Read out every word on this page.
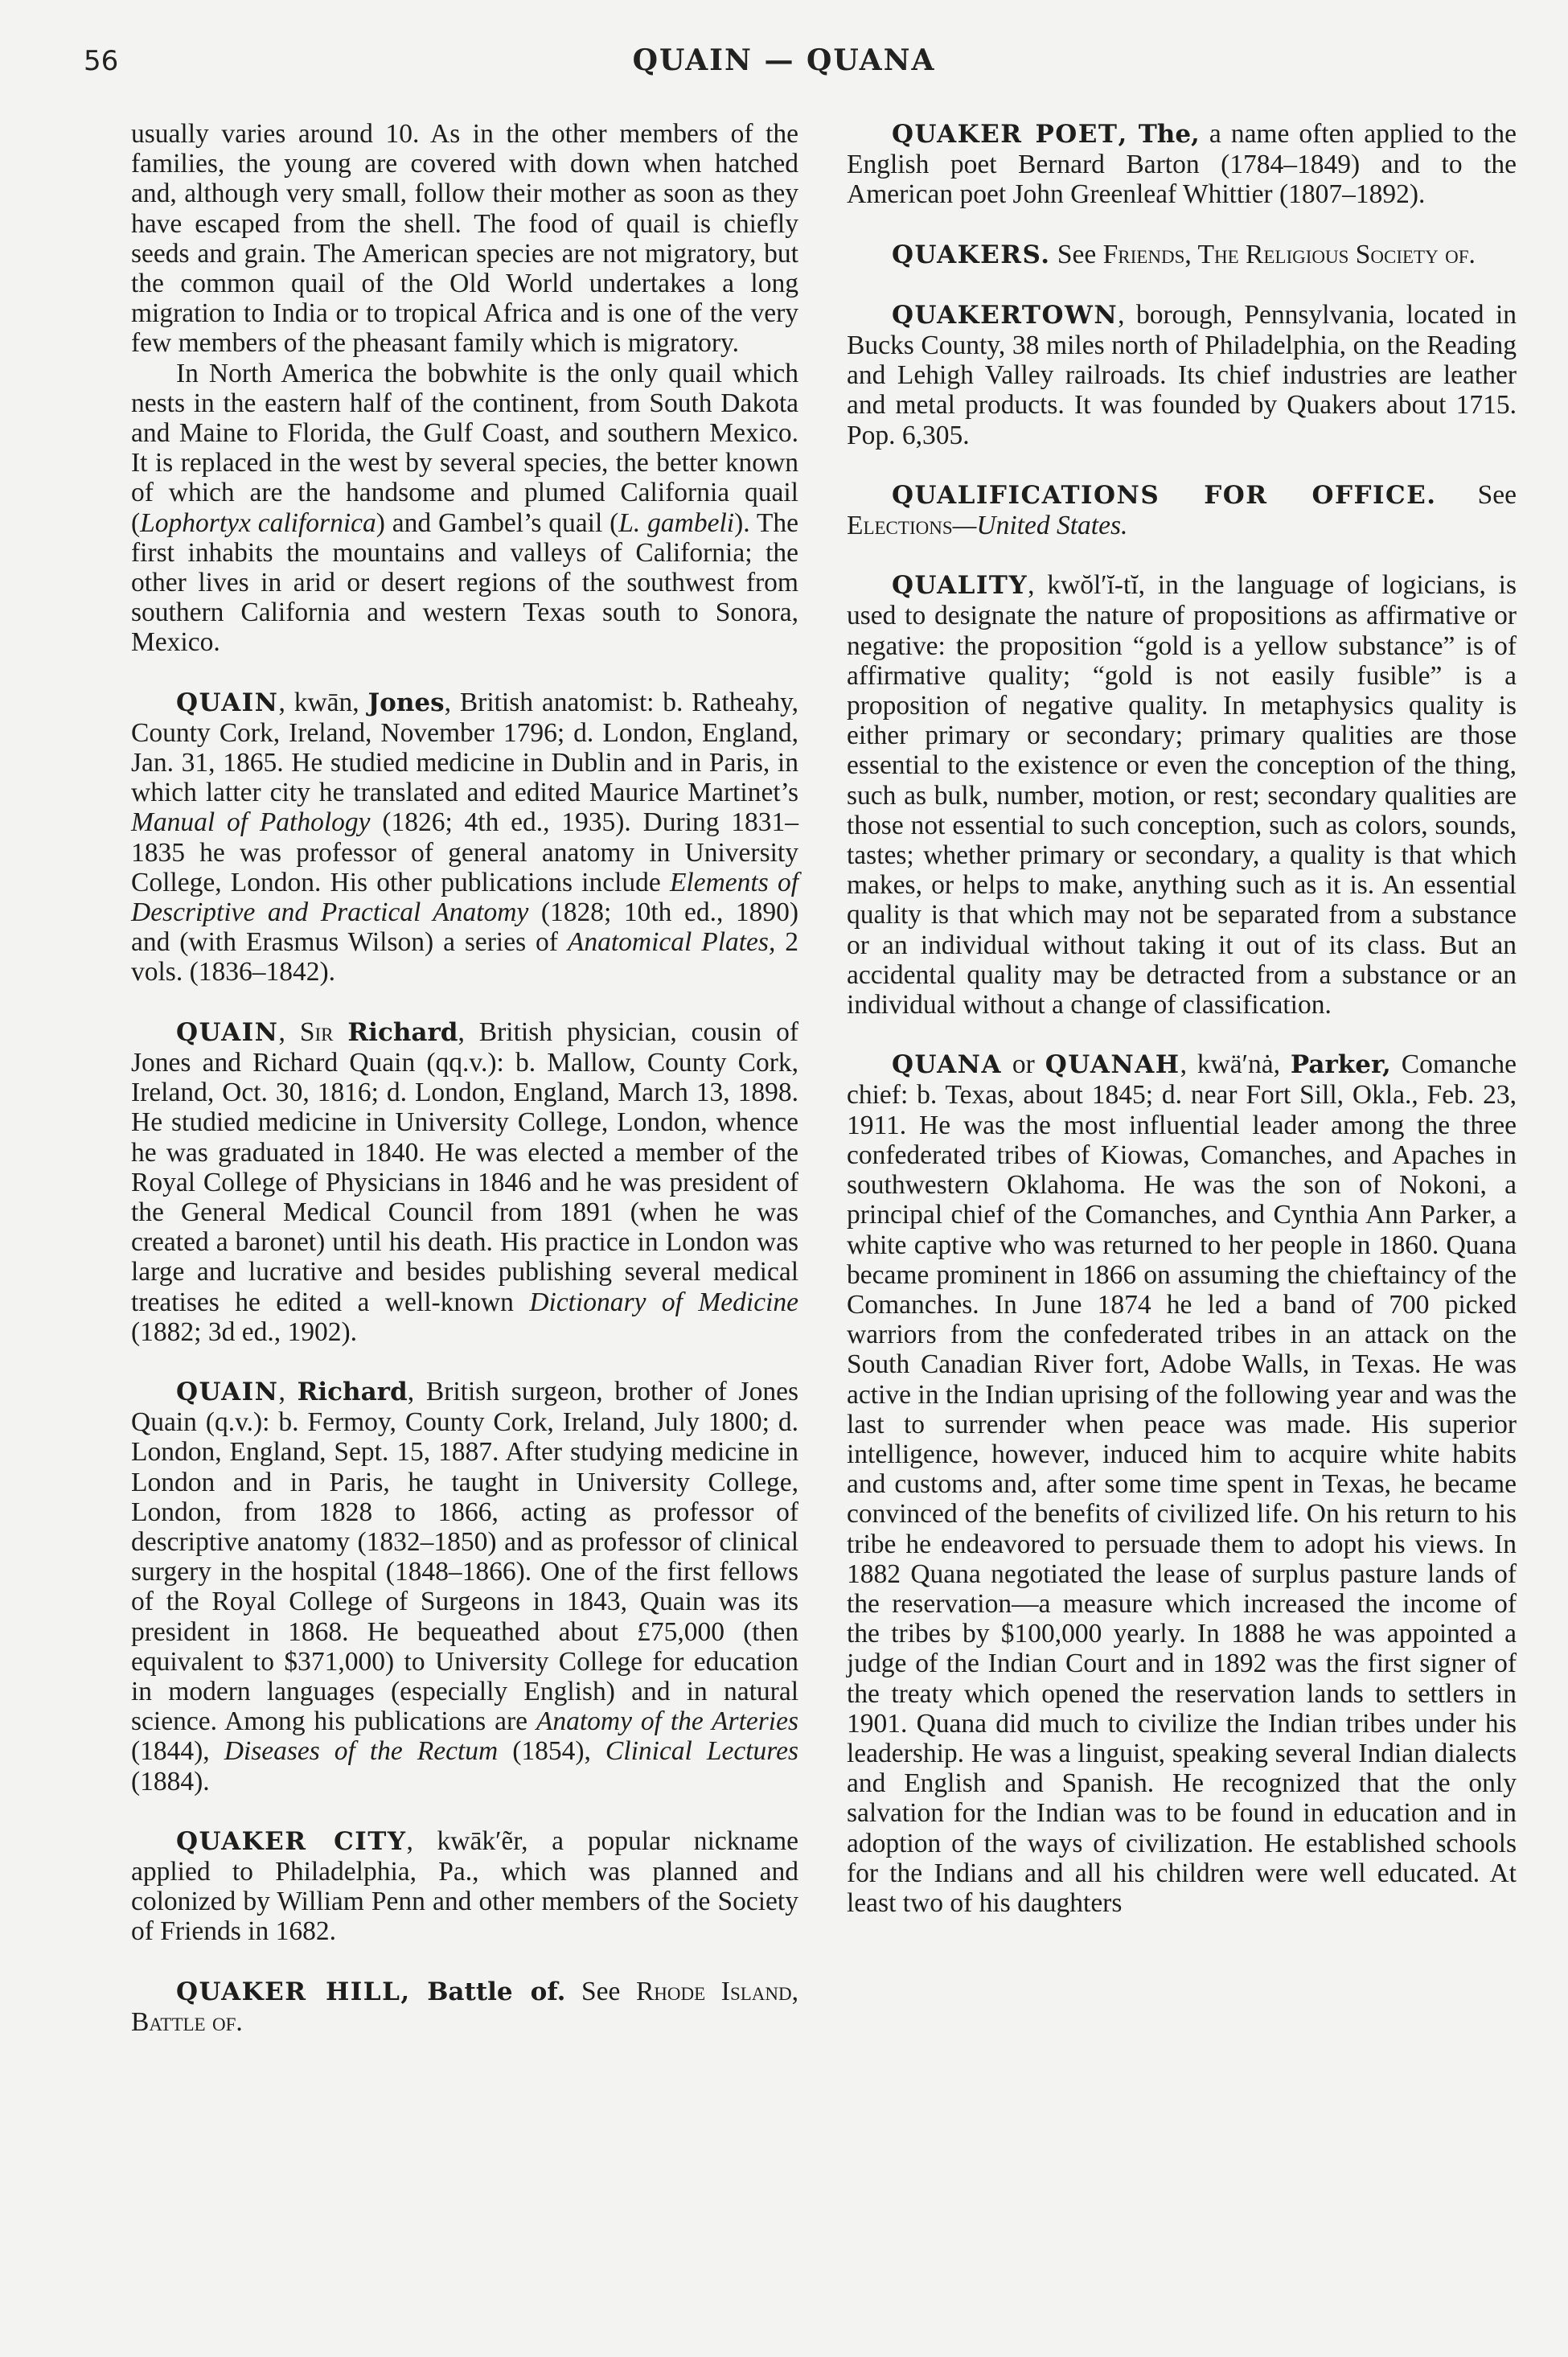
56	QUAIN — QUANA

usually varies around 10. As in the other members of the families, the young are covered with down when hatched and, although very small, follow their mother as soon as they have escaped from the shell. The food of quail is chiefly seeds and grain. The American species are not migratory, but the common quail of the Old World undertakes a long migration to India or to tropical Africa and is one of the very few members of the pheasant family which is migratory.

In North America the bobwhite is the only quail which nests in the eastern half of the continent, from South Dakota and Maine to Florida, the Gulf Coast, and southern Mexico. It is replaced in the west by several species, the better known of which are the handsome and plumed California quail (Lophortyx californica) and Gambel’s quail (L. gambeli). The first inhabits the mountains and valleys of California; the other lives in arid or desert regions of the southwest from southern California and western Texas south to Sonora, Mexico.

QUAIN, kwān, Jones, British anatomist: b. Ratheahy, County Cork, Ireland, November 1796; d. London, England, Jan. 31, 1865. He studied medicine in Dublin and in Paris, in which latter city he translated and edited Maurice Martinet’s Manual of Pathology (1826; 4th ed., 1935). During 1831–1835 he was professor of general anatomy in University College, London. His other publications include Elements of Descriptive and Practical Anatomy (1828; 10th ed., 1890) and (with Erasmus Wilson) a series of Anatomical Plates, 2 vols. (1836–1842).

QUAIN, Sir Richard, British physician, cousin of Jones and Richard Quain (qq.v.): b. Mallow, County Cork, Ireland, Oct. 30, 1816; d. London, England, March 13, 1898. He studied medicine in University College, London, whence he was graduated in 1840. He was elected a member of the Royal College of Physicians in 1846 and he was president of the General Medical Council from 1891 (when he was created a baronet) until his death. His practice in London was large and lucrative and besides publishing several medical treatises he edited a well-known Dictionary of Medicine (1882; 3d ed., 1902).

QUAIN, Richard, British surgeon, brother of Jones Quain (q.v.): b. Fermoy, County Cork, Ireland, July 1800; d. London, England, Sept. 15, 1887. After studying medicine in London and in Paris, he taught in University College, London, from 1828 to 1866, acting as professor of descriptive anatomy (1832–1850) and as professor of clinical surgery in the hospital (1848–1866). One of the first fellows of the Royal College of Surgeons in 1843, Quain was its president in 1868. He bequeathed about £75,000 (then equivalent to $371,000) to University College for education in modern languages (especially English) and in natural science. Among his publications are Anatomy of the Arteries (1844), Diseases of the Rectum (1854), Clinical Lectures (1884).

QUAKER CITY, kwāk′ẽr, a popular nickname applied to Philadelphia, Pa., which was planned and colonized by William Penn and other members of the Society of Friends in 1682.

QUAKER HILL, Battle of. See Rhode Island, Battle of.

QUAKER POET, The, a name often applied to the English poet Bernard Barton (1784–1849) and to the American poet John Greenleaf Whittier (1807–1892).

QUAKERS. See Friends, The Religious Society of.

QUAKERTOWN, borough, Pennsylvania, located in Bucks County, 38 miles north of Philadelphia, on the Reading and Lehigh Valley railroads. Its chief industries are leather and metal products. It was founded by Quakers about 1715. Pop. 6,305.

QUALIFICATIONS FOR OFFICE. See Elections—United States.

QUALITY, kwŏl′ĭ-tĭ, in the language of logicians, is used to designate the nature of propositions as affirmative or negative: the proposition “gold is a yellow substance” is of affirmative quality; “gold is not easily fusible” is a proposition of negative quality. In metaphysics quality is either primary or secondary; primary qualities are those essential to the existence or even the conception of the thing, such as bulk, number, motion, or rest; secondary qualities are those not essential to such conception, such as colors, sounds, tastes; whether primary or secondary, a quality is that which makes, or helps to make, anything such as it is. An essential quality is that which may not be separated from a substance or an individual without taking it out of its class. But an accidental quality may be detracted from a substance or an individual without a change of classification.

QUANA or QUANAH, kwä′nȧ, Parker, Comanche chief: b. Texas, about 1845; d. near Fort Sill, Okla., Feb. 23, 1911. He was the most influential leader among the three confederated tribes of Kiowas, Comanches, and Apaches in southwestern Oklahoma. He was the son of Nokoni, a principal chief of the Comanches, and Cynthia Ann Parker, a white captive who was returned to her people in 1860. Quana became prominent in 1866 on assuming the chieftaincy of the Comanches. In June 1874 he led a band of 700 picked warriors from the confederated tribes in an attack on the South Canadian River fort, Adobe Walls, in Texas. He was active in the Indian uprising of the following year and was the last to surrender when peace was made. His superior intelligence, however, induced him to acquire white habits and customs and, after some time spent in Texas, he became convinced of the benefits of civilized life. On his return to his tribe he endeavored to persuade them to adopt his views. In 1882 Quana negotiated the lease of surplus pasture lands of the reservation—a measure which increased the income of the tribes by $100,000 yearly. In 1888 he was appointed a judge of the Indian Court and in 1892 was the first signer of the treaty which opened the reservation lands to settlers in 1901. Quana did much to civilize the Indian tribes under his leadership. He was a linguist, speaking several Indian dialects and English and Spanish. He recognized that the only salvation for the Indian was to be found in education and in adoption of the ways of civilization. He established schools for the Indians and all his children were well educated. At least two of his daughters
